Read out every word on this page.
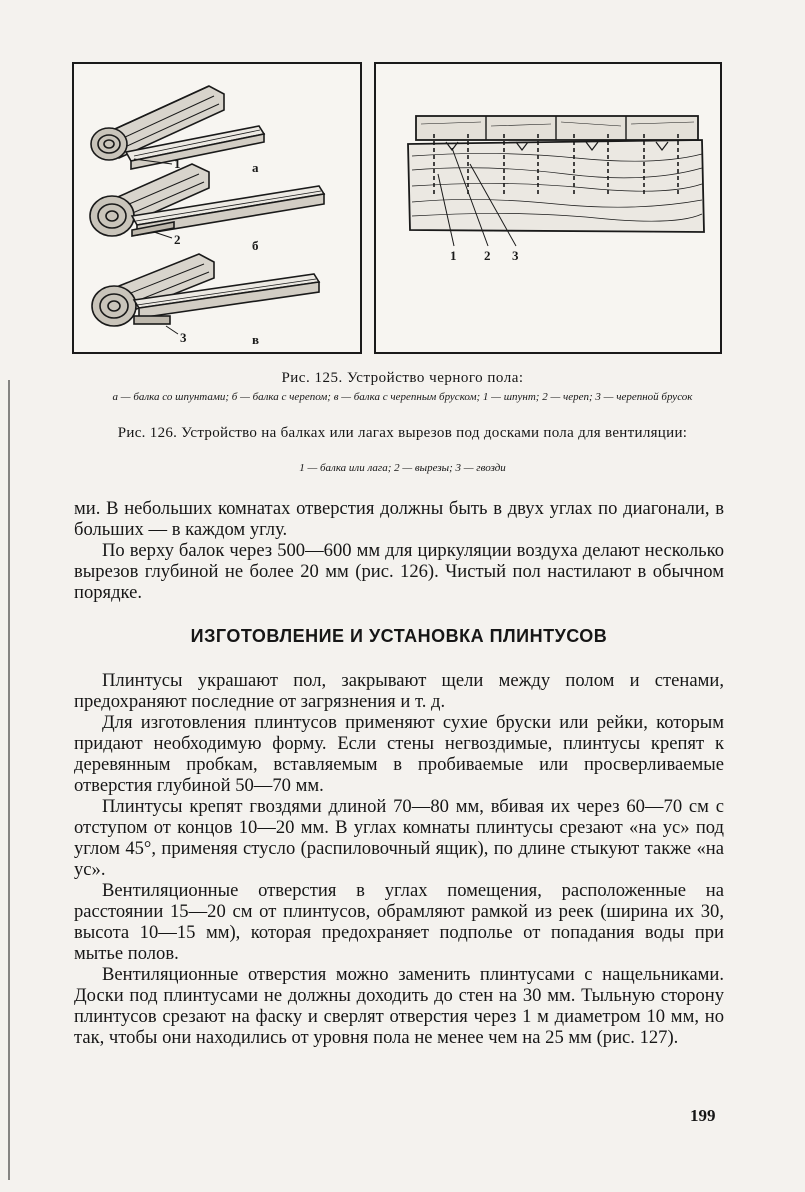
1	а
2	б
3	в
1 2 3
Рис. 125. Устройство черного пола:
а — балка со шпунтами; б — балка с черепом; в — балка с черепным бруском; 1 — шпунт; 2 — череп; 3 — черепной брусок
Рис. 126. Устройство на балках или лагах вырезов под досками пола для вентиляции:
1 — балка или лага; 2 — вырезы; 3 — гвозди

ми. В небольших комнатах отверстия должны быть в двух углах по диагонали, в больших — в каждом углу.

По верху балок через 500—600 мм для циркуляции воздуха делают несколько вырезов глубиной не более 20 мм (рис. 126). Чистый пол настилают в обычном порядке.

ИЗГОТОВЛЕНИЕ И УСТАНОВКА ПЛИНТУСОВ

Плинтусы украшают пол, закрывают щели между полом и стенами, предохраняют последние от загрязнения и т. д.

Для изготовления плинтусов применяют сухие бруски или рейки, которым придают необходимую форму. Если стены негвоздимые, плинтусы крепят к деревянным пробкам, вставляемым в пробиваемые или просверливаемые отверстия глубиной 50—70 мм.

Плинтусы крепят гвоздями длиной 70—80 мм, вбивая их через 60—70 см с отступом от концов 10—20 мм. В углах комнаты плинтусы срезают «на ус» под углом 45°, применяя стусло (распиловочный ящик), по длине стыкуют также «на ус».

Вентиляционные отверстия в углах помещения, расположенные на расстоянии 15—20 см от плинтусов, обрамляют рамкой из реек (ширина их 30, высота 10—15 мм), которая предохраняет подполье от попадания воды при мытье полов.

Вентиляционные отверстия можно заменить плинтусами с нащельниками. Доски под плинтусами не должны доходить до стен на 30 мм. Тыльную сторону плинтусов срезают на фаску и сверлят отверстия через 1 м диаметром 10 мм, но так, чтобы они находились от уровня пола не менее чем на 25 мм (рис. 127).

199
